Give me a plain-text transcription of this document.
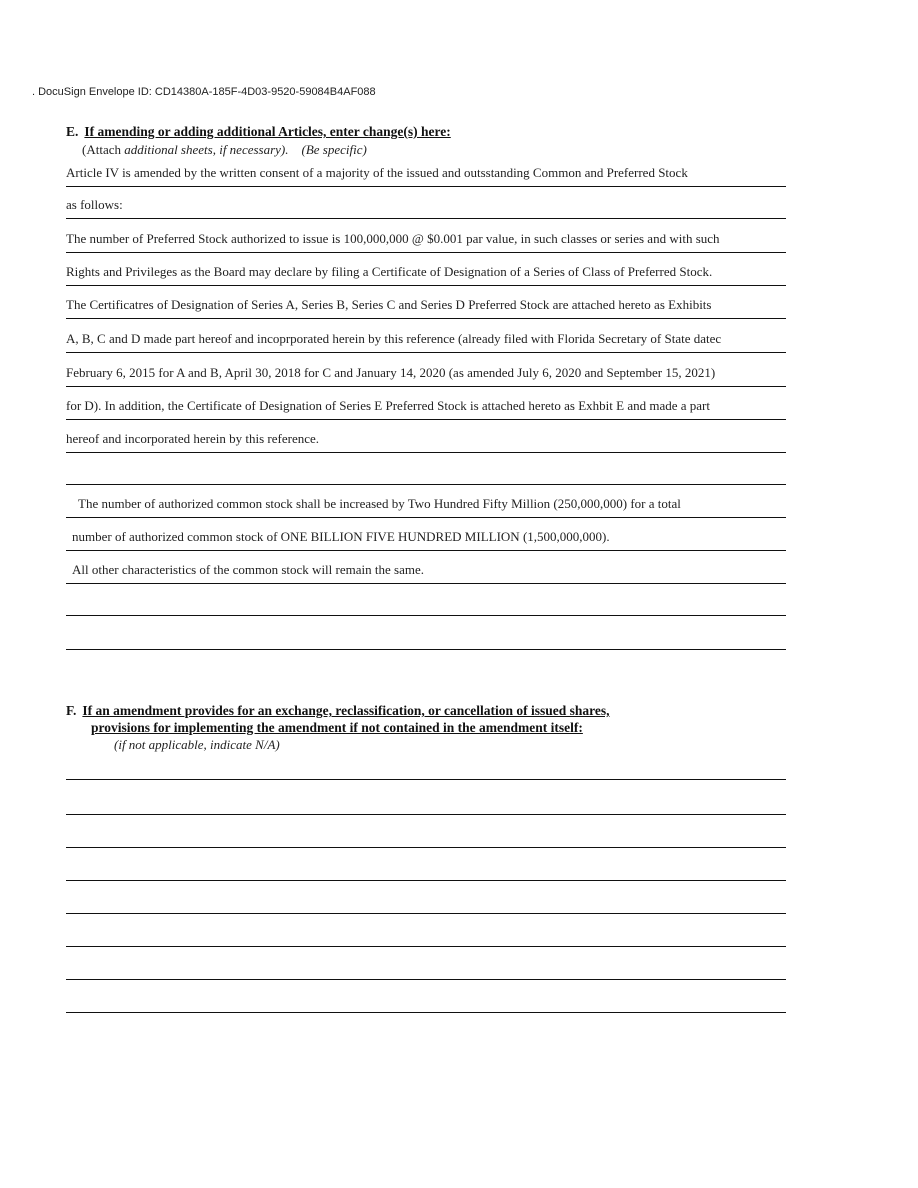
. DocuSign Envelope ID: CD14380A-185F-4D03-9520-59084B4AF088
E. If amending or adding additional Articles, enter change(s) here:
(Attach additional sheets, if necessary). (Be specific)
Article IV is amended by the written consent of a majority of the issued and outsstanding Common and Preferred Stock
as follows:
The number of Preferred Stock authorized to issue is 100,000,000 @ $0.001 par value, in such classes or series and with such
Rights and Privileges as the Board may declare by filing a Certificate of Designation of a Series of Class of Preferred Stock.
The Certificatres of Designation of Series A, Series B, Series C and Series D Preferred Stock are attached hereto as Exhibits
A, B, C and D made part hereof and incoprporated herein by this reference (already filed with Florida Secretary of State datec
February 6, 2015 for A and B, April 30, 2018 for C and January 14, 2020 (as amended July 6, 2020 and September 15, 2021)
for D). In addition, the Certificate of Designation of Series E Preferred Stock is attached hereto as Exhbit E and made a part
hereof and incorporated herein by this reference.
The number of authorized common stock shall be increased by Two Hundred Fifty Million (250,000,000) for a total
number of authorized common stock of ONE BILLION FIVE HUNDRED MILLION (1,500,000,000).
All other characteristics of the common stock will remain the same.
F. If an amendment provides for an exchange, reclassification, or cancellation of issued shares,
provisions for implementing the amendment if not contained in the amendment itself:
(if not applicable, indicate N/A)
